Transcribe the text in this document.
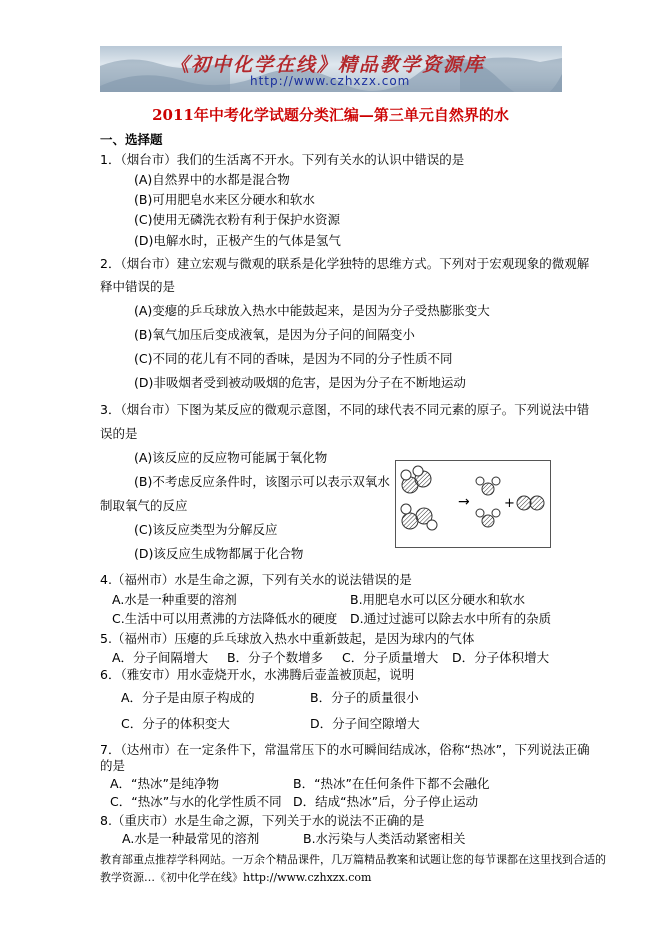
《初中化学在线》精品教学资源库
http://www.czhxzx.com
2011年中考化学试题分类汇编—第三单元自然界的水
一、选择题
1．（烟台市）我们的生活离不开水。下列有关水的认识中错误的是
(A)自然界中的水都是混合物
(B)可用肥皂水来区分硬水和软水
(C)使用无磷洗衣粉有利于保护水资源
(D)电解水时，正极产生的气体是氢气
2．（烟台市）建立宏观与微观的联系是化学独特的思维方式。下列对于宏观现象的微观解
释中错误的是
(A)变瘪的乒乓球放入热水中能鼓起来，是因为分子受热膨胀变大
(B)氧气加压后变成液氧，是因为分子问的间隔变小
(C)不同的花儿有不同的香味，是因为不同的分子性质不同
(D)非吸烟者受到被动吸烟的危害，是因为分子在不断地运动
3．（烟台市）下图为某反应的微观示意图，不同的球代表不同元素的原子。下列说法中错
误的是
(A)该反应的反应物可能属于氧化物
(B)不考虑反应条件时，该图示可以表示双氧水
制取氧气的反应
(C)该反应类型为分解反应
(D)该反应生成物都属于化合物
→	+
4.（福州市）水是生命之源，下列有关水的说法错误的是
A.水是一种重要的溶剂	B.用肥皂水可以区分硬水和软水
C.生活中可以用煮沸的方法降低水的硬度 D.通过过滤可以除去水中所有的杂质
5.（福州市）压瘪的乒乓球放入热水中重新鼓起，是因为球内的气体
A．分子间隔增大 B．分子个数增多 C．分子质量增大 D．分子体积增大
6．（雅安市）用水壶烧开水，水沸腾后壶盖被顶起，说明
A．分子是由原子构成的	B．分子的质量很小
C．分子的体积变大	D．分子间空隙增大
7．（达州市）在一定条件下，常温常压下的水可瞬间结成冰，俗称“热冰”，下列说法正确
的是
A．“热冰”是纯净物	B．“热冰”在任何条件下都不会融化
C．“热冰”与水的化学性质不同 D．结成“热冰”后，分子停止运动
8.（重庆市）水是生命之源，下列关于水的说法不正确的是
A.水是一种最常见的溶剂	B.水污染与人类活动紧密相关
教育部重点推荐学科网站。一万余个精品课件，几万篇精品教案和试题让您的每节课都在这里找到合适的
教学资源…《初中化学在线》http://www.czhxzx.com
